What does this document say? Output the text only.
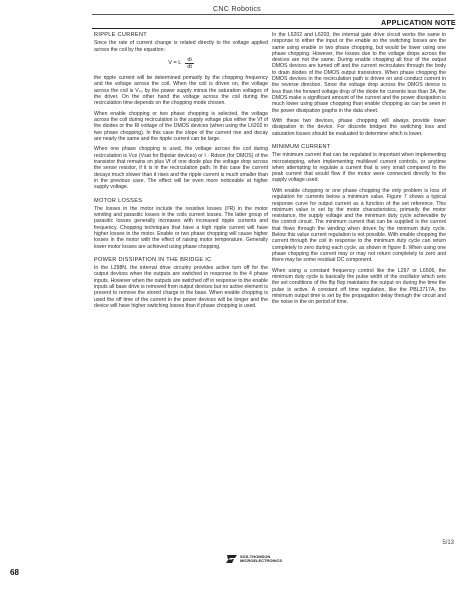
CNC Robotics
APPLICATION NOTE
RIPPLE CURRENT

Since the rate of current change is related directly to the voltage applied across the coil by the equation:

V = L $\frac{di}{dt}$

the ripple current will be determined primarily by the chopping frequency and the voltage across the coil. When the coil is driven on, the voltage across the coil is Vₛ₃ by the power supply minus the saturation voltages of the driver. On the other hand the voltage across the coil during the recirculation time depends on the chopping mode chosen.

When enable chopping or two phase chopping is selected, the voltage across the coil during recirculation is the supply voltage plus either the Vf of the diodes or the Rl voltage of the DMOS devices (when using the L6202 in two phase chopping). In this case the slope of the current rise and decay are nearly the same and the ripple current can be large.

When one phase chopping is used, the voltage across the coil during recirculation is Vce (Vsat for Bipolar devices) or I · Rdson (for DMOS) of the transistor that remains on plus Vf of one diode plus the voltage drop across the sense resistor, if it is in the recirculation path. In this case the current decays much slower than it rises and the ripple current is much smaller than in the previous case. The effect will be even more noticeable at higher supply voltage.

MOTOR LOSSES

The losses in the motor include the resistive losses (I²R) in the motor winding and parasitic losses in the coils current losses. The latter group of parasitic losses generally increases with increased ripple currents and frequency. Chopping techniques that have a high ripple current will have higher losses in the motor. Enable or two phase chopping will cause higher losses in the motor with the effect of raising motor temperature. Generally lower motor losses are achieved using phase chopping.

POWER DISSIPATION IN THE BRIDGE IC

In the L298N, the internal drive circuitry provides active turn off for the output devices when the outputs are switched in response to the 4 phase inputs. However when the outputs are switched off in response to the enable inputs all base drive is removed from output devices but no active element is present to remove the stored charge in the base. When enable chopping is used the off time of the current in the power devices will be longer and the device will have higher switching losses than if phase chopping is used.

In the L6202 and L6203, the internal gate drive circuit works the same in response to either the input or the enable so the switching losses are the same using enable or two phase chopping, but would be lower using one phase chopping. However, the losses due to the voltage drops across the devices are not the same. During enable chopping all four of the output DMOS devices are turned off and the current recirculates through the body to drain diodes of the DMOS output transistors. When phase chopping the DMOS devices in the recirculation path is driven on and conduct current in the reverse direction. Since the voltage drop across the DMOS device is less than the forward voltage drop of the diode for currents less than 3A, the DMOS make a significant amount of the current and the power dissipation is much lower using phase chopping than enable chopping as can be seen in the power dissipation graphs in the data sheet.

With these two devices, phase chopping will always provide lower dissipation in the device. For discrete bridges the switching loss and saturation losses should be evaluated to determine which is lower.

MINIMUM CURRENT

The minimum current that can be regulated is important when implementing microstepping, when implementing multilevel current controls, or anytime when attempting to regulate a current that is very small compared to the peak current that would flow if the motor were connected directly to the supply voltage used.

With enable chopping or one phase chopping the only problem is loss of regulation for currents below a minimum value. Figure 7 shows a typical response curve for output current as a function of the set reference. This minimum value is set by the motor characteristics, primarily the motor resistance, the supply voltage and the minimum duty cycle achievable by the control circuit. The minimum current that can be supplied is the current that flows through the winding when driven by the minimum duty cycle. Below this value current regulation is not possible. With enable chopping the current through the coil in response to the minimum duty cycle can return completely to zero during each cycle, as shown in figure 8. When using one phase chopping the current may or may not return completely to zero and there may be some residual DC component.

When using a constant frequency control like the L297 or L6506, the minimum duty cycle is basically the pulse width of the oscillator which sets the set conditions of the flip flop maintains the output on during the time the pulse is active. A constant off time regulation, like the PBL3717A, the minimum output time is set by the propagation delay through the circuit and the noise in the on period of time.

5/13
SGS-THOMSON
MICROELECTRONICS
68
